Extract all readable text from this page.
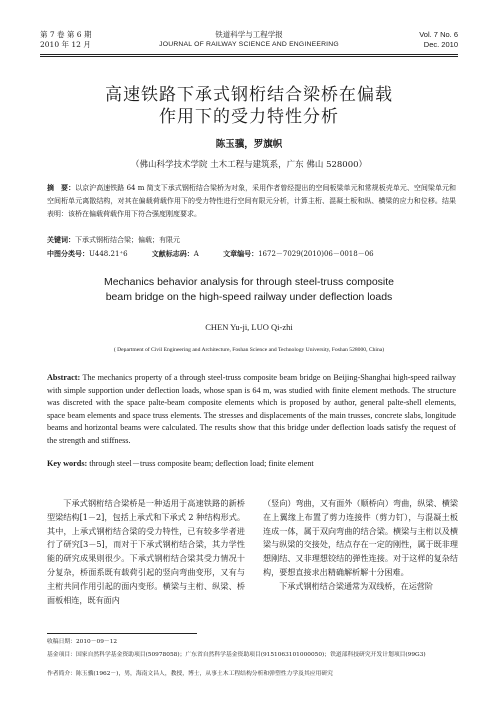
第 7 卷 第 6 期
2010 年 12 月
铁道科学与工程学报
JOURNAL OF RAILWAY SCIENCE AND ENGINEERING
Vol. 7 No. 6
Dec. 2010
高速铁路下承式钢桁结合梁桥在偏载
作用下的受力特性分析
陈玉骥，罗旗帜
（佛山科学技术学院 土木工程与建筑系，广东 佛山 528000）
摘　要：以京沪高速铁路 64 m 简支下承式钢桁结合梁桥为对象，采用作者曾经提出的空间板梁单元和常规板壳单元、空间梁单元和空间桁单元离散结构，对其在偏载荷载作用下的受力特性进行空间有限元分析，计算主桁、混凝土板和纵、横梁的应力和位移。结果表明：该桥在偏载荷载作用下符合强度刚度要求。
关键词：下承式钢桁结合梁；偏载；有限元
中图分类号：U448.21⁺6	文献标志码：A	文章编号：1672－7029(2010)06－0018－06
Mechanics behavior analysis for through steel-truss composite
beam bridge on the high-speed railway under deflection loads
CHEN Yu-ji, LUO Qi-zhi
( Department of Civil Engineering and Architecture, Foshan Science and Technology University, Foshan 528000, China)
Abstract: The mechanics property of a through steel-truss composite beam bridge on Beijing-Shanghai high-speed railway with simple supportion under deflection loads, whose span is 64 m, was studied with finite element methods. The structure was discreted with the space palte-beam composite elements which is proposed by author, general palte-shell elements, space beam elements and space truss elements. The stresses and displacements of the main trusses, concrete slabs, longitude beams and horizontal beams were calculated. The results show that this bridge under deflection loads satisfy the request of the strength and stiffness.
Key words: through steel－truss composite beam; deflection load; finite element

下承式钢桁结合梁桥是一种适用于高速铁路的新桥型梁结构[1－2]，包括上承式和下承式 2 种结构形式。其中，上承式钢桁结合梁的受力特性，已有较多学者进行了研究[3－5]，而对于下承式钢桁结合梁，其力学性能的研究成果则很少。下承式钢桁结合梁其受力情况十分复杂，桥面系既有载荷引起的竖向弯曲变形，又有与主桁共同作用引起的面内变形。横梁与主桁、纵梁、桥面板相连，既有面内

（竖向）弯曲，又有面外（顺桥向）弯曲，纵梁、横梁在上翼缘上布置了剪力连接件（剪力钉），与混凝土板连成一体，属于双向弯曲的结合梁。横梁与主桁以及横梁与纵梁的交接处，结点存在一定的刚性，属于既非理想刚结、又非理想铰结的弹性连接。对于这样的复杂结构，要想直接求出精确解析解十分困难。

下承式钢桁结合梁通常为双线桥，在运营阶

收稿日期：2010－09－12
基金项目：国家自然科学基金资助项目(50978058)；广东省自然科学基金资助项目(9151063101000050)；铁道部科技研究开发计划项目(99G3)
作者简介：陈玉骥(1962－)，男，海南文昌人，教授，博士，从事土木工程结构分析和弹塑性力学及其应用研究
